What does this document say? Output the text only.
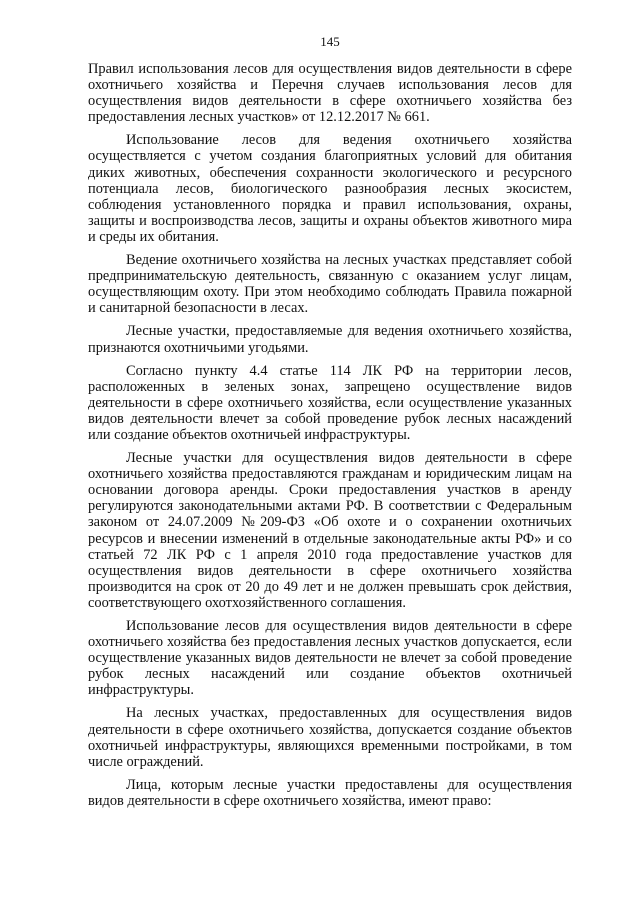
145

Правил использования лесов для осуществления видов деятельности в сфере охотничьего хозяйства и Перечня случаев использования лесов для осуществления видов деятельности в сфере охотничьего хозяйства без предоставления лесных участков» от 12.12.2017 № 661.

Использование лесов для ведения охотничьего хозяйства осуществляется с учетом создания благоприятных условий для обитания диких животных, обеспечения сохранности экологического и ресурсного потенциала лесов, биологического разнообразия лесных экосистем, соблюдения установленного порядка и правил использования, охраны, защиты и воспроизводства лесов, защиты и охраны объектов животного мира и среды их обитания.

Ведение охотничьего хозяйства на лесных участках представляет собой предпринимательскую деятельность, связанную с оказанием услуг лицам, осуществляющим охоту. При этом необходимо соблюдать Правила пожарной и санитарной безопасности в лесах.

Лесные участки, предоставляемые для ведения охотничьего хозяйства, признаются охотничьими угодьями.

Согласно пункту 4.4 статье 114 ЛК РФ на территории лесов, расположенных в зеленых зонах, запрещено осуществление видов деятельности в сфере охотничьего хозяйства, если осуществление указанных видов деятельности влечет за собой проведение рубок лесных насаждений или создание объектов охотничьей инфраструктуры.

Лесные участки для осуществления видов деятельности в сфере охотничьего хозяйства предоставляются гражданам и юридическим лицам на основании договора аренды. Сроки предоставления участков в аренду регулируются законодательными актами РФ. В соответствии с Федеральным законом от 24.07.2009 №209-ФЗ «Об охоте и о сохранении охотничьих ресурсов и внесении изменений в отдельные законодательные акты РФ» и со статьей 72 ЛК РФ с 1 апреля 2010 года предоставление участков для осуществления видов деятельности в сфере охотничьего хозяйства производится на срок от 20 до 49 лет и не должен превышать срок действия, соответствующего охотхозяйственного соглашения.

Использование лесов для осуществления видов деятельности в сфере охотничьего хозяйства без предоставления лесных участков допускается, если осуществление указанных видов деятельности не влечет за собой проведение рубок лесных насаждений или создание объектов охотничьей инфраструктуры.

На лесных участках, предоставленных для осуществления видов деятельности в сфере охотничьего хозяйства, допускается создание объектов охотничьей инфраструктуры, являющихся временными постройками, в том числе ограждений.

Лица, которым лесные участки предоставлены для осуществления видов деятельности в сфере охотничьего хозяйства, имеют право:
